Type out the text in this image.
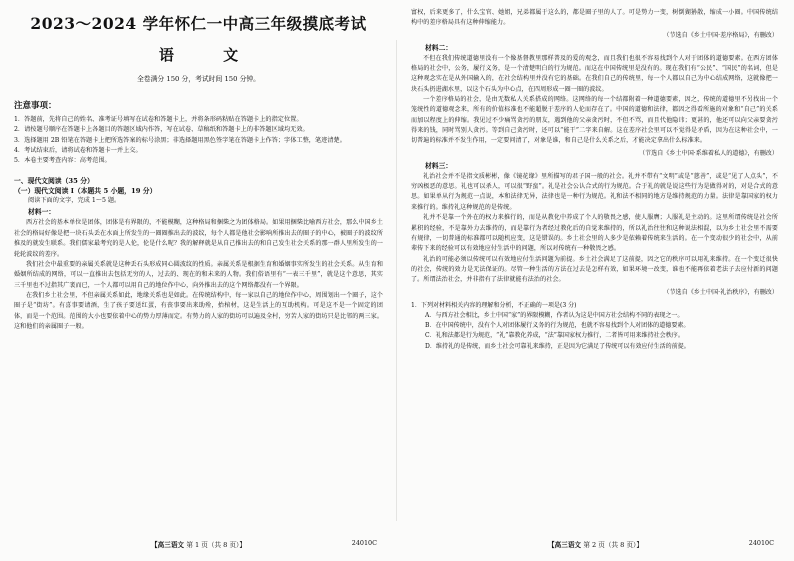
2023～2024 学年怀仁一中高三年级摸底考试
语 文
全卷满分 150 分，考试时间 150 分钟。
注意事项：
1．答题前，先将自己的姓名、准考证号填写在试卷和答题卡上，并将条形码粘贴在答题卡上的指定位置。
2．请按题号顺序在答题卡上各题目的答题区域内作答，写在试卷、草稿纸和答题卡上的非答题区域均无效。
3．选择题用 2B 铅笔在答题卡上把所选答案的标号涂黑；非选择题用黑色签字笔在答题卡上作答；字体工整，笔迹清楚。
4．考试结束后，请将试卷和答题卡一并上交。
5．本卷主要考查内容：高考范围。
一、现代文阅读（35 分）
（一）现代文阅读 I（本题共 5 小题，19 分）
阅读下面的文字，完成 1～5 题。
材料一：

西方社会的基本单位是团体，团体是有界限的，不能模糊，这种格局和捆柴之为团体格局。如果用捆柴比喻西方社会，那么中国乡土社会的格局好像是把一块石头丢在水面上所发生的一圈圈推出去的波纹，每个人都是他社会影响所推出去的圈子的中心，被圈子的波纹所推及的就发生联系。我们儒家最考究的是人伦，伦是什么呢？我的解释就是从自己推出去的和自己发生社会关系的那一群人里所发生的一轮轮波纹的差序。

我们社会中最重要的亲属关系就是这种丢石头形成同心圆波纹的性质。亲属关系是根据生育和婚姻事实所发生的社会关系。从生育和婚姻所结成的网络，可以一直推出去包括无穷的人，过去的、现在的和未来的人物。我们俗语里有“一表三千里”，就是这个意思，其实三千里也不过指其广袤而已，一个人都可以用自己的地位作中心，向外推出去的这个网络都没有一个界限。

在我们乡土社会里，不但亲属关系如此，地缘关系也是如此。在传统结构中，每一家以自己的地位作中心，周围划出一个圈子，这个圈子是“街坊”。有喜事要请酒，生了孩子要送红蛋，有丧事要出来助殓，抬棺材，这是生活上的互助机构。可是这不是一个固定的团体，而是一个范围。范围的大小也要依着中心的势力厚薄而定。有势力的人家的街坊可以遍及全村，穷苦人家的街坊只是比邻的两三家。这和他们的亲属圈子一般。

【高三语文 第 1 页（共 8 页）】	24010C

富权，后来更多了，什么宝官、她姐，兄弟都属于这么的，都是圈子里的人了。可是势力一变，树倒猢狲散，缩成一小圈。中国传统结构中的差序格局具有这种伸缩能力。

（节选自《乡土中国·差序格局》，有删改）
材料二：

不但在我们传统道德里没有一个像基督教里那样普及的爱的观念，而且我们也很不容易找到个人对于团体的道德要素。在西方团体格局的社会中，公务，履行义务，是一个清楚明白的行为规范。而这在中国传统里是没有的。现在我们有“公民”、“国民”的名词，但是这种观念实在是从外国输入的，在社会结构里并没有它的基础。在我们自己的传统里，每一个人都以自己为中心结成网络，这就像把一块石头扔进湖水里，以这个石头为中心点，在四周形成一圈一圈的波纹。

一个差序格局的社会，是由无数私人关系搭成的网络。这网络的每一个结都附着一种道德要素，因之，传统的道德里不另找出一个笼统性的道德观念来，所有的价值标准也不能超脱于差序的人伦而存在了。中国的道德和法律，都因之得看所施的对象和“自己”的关系而加以程度上的伸缩。我见过不少痛骂贪污的朋友，遇到他的父亲贪污时，不但不骂，而且代他隐讳；更甚的，他还可以向父亲要贪污得来的钱，同时骂别人贪污。等到自己贪污时，还可以“能干”二字来自解。这在差序社会里可以不觉得是矛盾，因为在这种社会中，一切普遍的标准并不发生作用，一定要问清了，对象是谁，和自己是什么关系之后，才能决定拿出什么标准来。

（节选自《乡土中国·系维着私人的道德》，有删改）
材料三：

礼治社会并不是指文质彬彬，像《镜花缘》里所描写的君子国一般的社会。礼并不带有“文明”或是“慈善”，或是“见了人点头”，不穷凶极恶的意思。礼也可以杀人，可以很“野蛮”。礼是社会公认合式的行为规范。合于礼的就是说这些行为是做得对的，对是合式的意思。如果单从行为规范一点说，本和法律无异，法律也是一种行为规范。礼和法不相同的地方是维持规范的力量。法律是靠国家的权力来推行的。维持礼这种规范的是传统。

礼并不是靠一个外在的权力来推行的，而是从教化中养成了个人的敬畏之感，使人服膺；人服礼是主动的。这里所谓传统是社会所累积的经验，不是靠外力去维持的，而是靠行为者经过教化后的自觉来维持的，所以礼治往往和这种说法相混，以为乡土社会里不需要有规律，一切普通的标准都可以随机应变，这是错误的。乡土社会里的人多少是依赖着传统来生活的。在一个变动很少的社会中，从前辈传下来的经验可以有效地应付生活中的问题，所以对传统有一种敬畏之感。

礼治的可能必须以传统可以有效地应付生活问题为前提。乡土社会满足了这前提，因之它的秩序可以用礼来维持。在一个变迁很快的社会，传统的效力是无法保证的。尽管一种生活的方法在过去是怎样有效，如果环境一改变，谁也不能再依着老法子去应付新的问题了。所谓法治社会，并非指有了法律就能有法治的社会。

（节选自《乡土中国·礼治秩序》，有删改）
1．下列对材料相关内容的理解和分析，不正确的一项是(3 分)
A．与西方社会相比，乡土中国“家”的界限模糊，作者认为这是中国方社会结构不同的表现之一。
B．在中国传统中，没有个人对团体履行义务的行为规范，也就不容易找到个人对团体的道德要素。
C．礼和法都是行为规范，“礼”靠教化养成，“法”靠国家权力推行，二者皆可用来维持社会秩序。
D．维持礼的是传统，而乡土社会可靠礼来维持，正是因为它满足了传统可以有效应付生活的前提。
【高三语文 第 2 页（共 8 页）】	24010C
